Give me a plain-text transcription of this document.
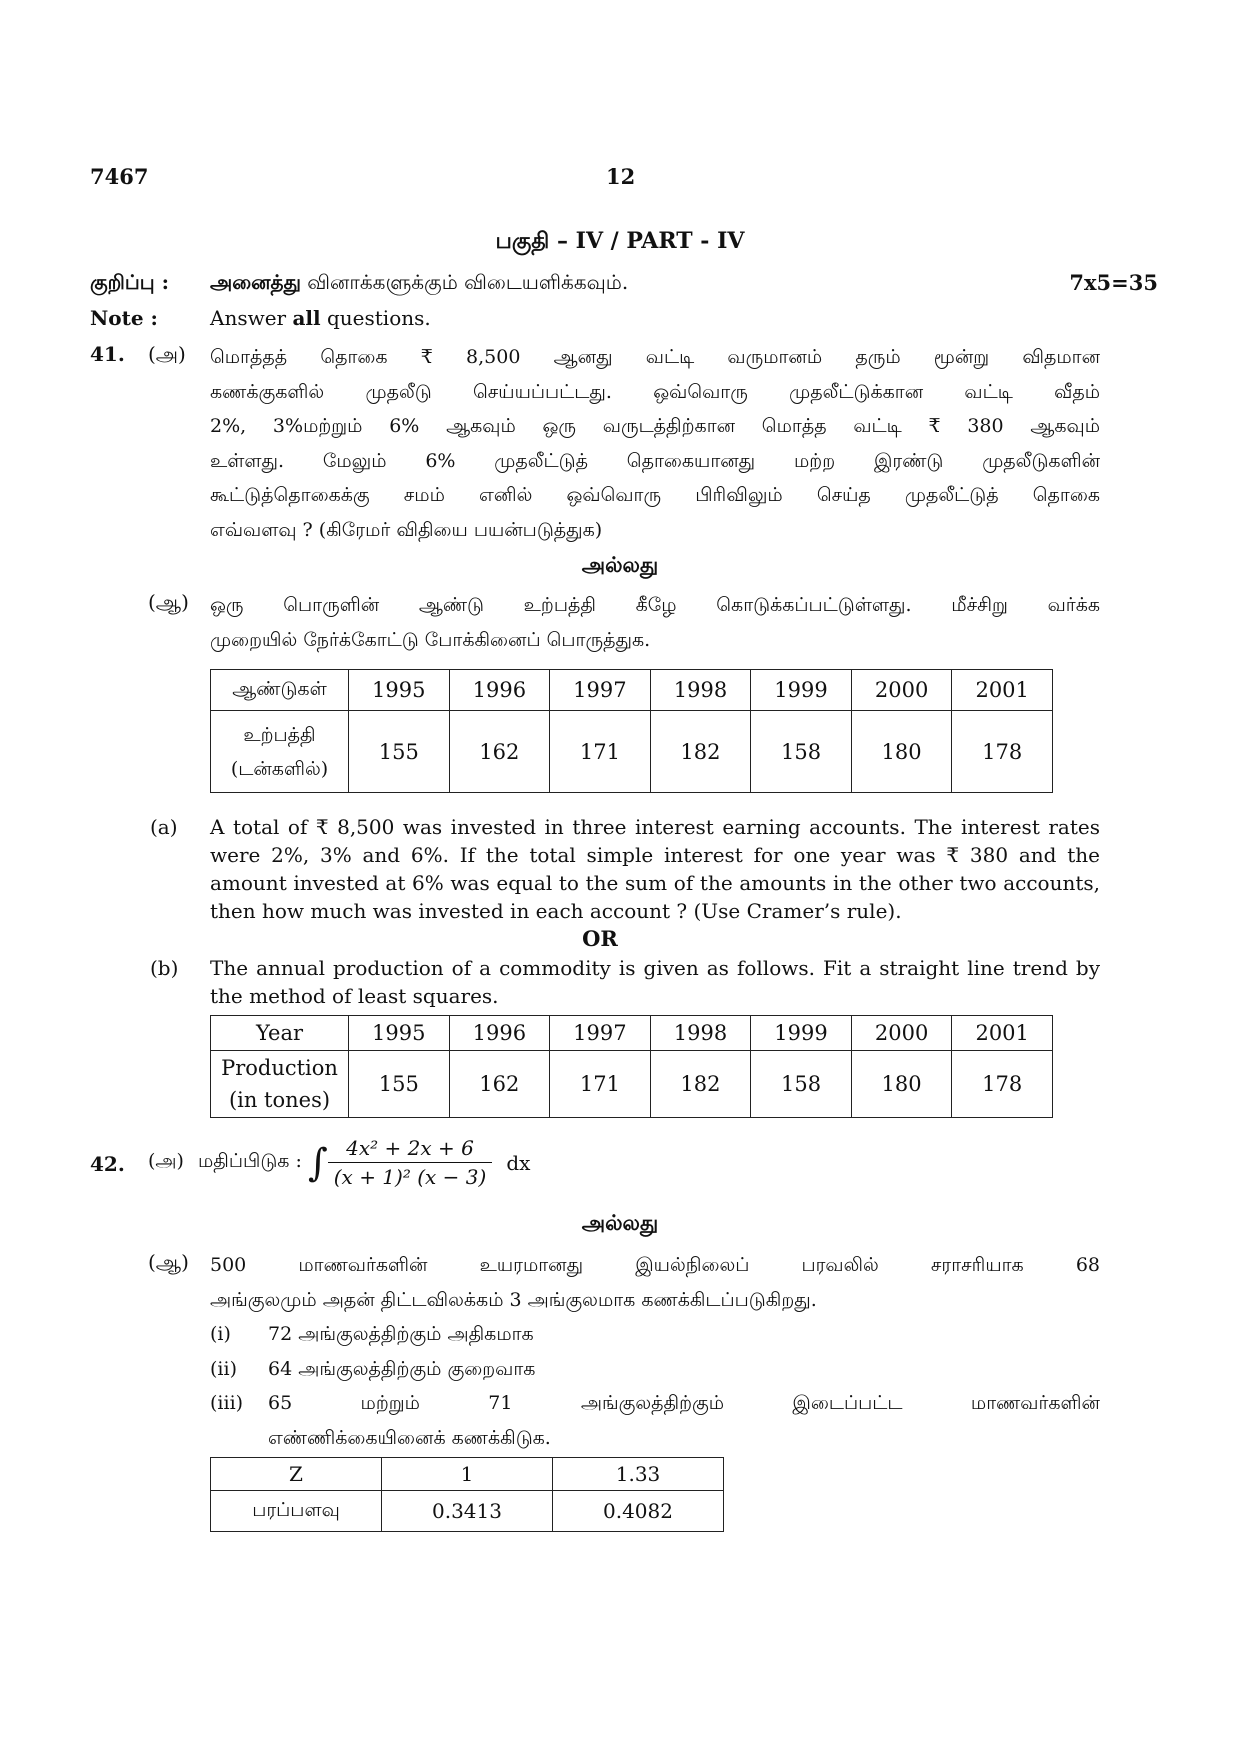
7467	12
பகுதி – IV / PART - IV
குறிப்பு : அனைத்து வினாக்களுக்கும் விடையளிக்கவும்.	7x5=35
Note :	Answer all questions.
41. (அ) மொத்தத் தொகை ₹ 8,500 ஆனது வட்டி வருமானம் தரும் மூன்று விதமான
கணக்குகளில் முதலீடு செய்யப்பட்டது. ஒவ்வொரு முதலீட்டுக்கான வட்டி வீதம்
2%, 3%மற்றும் 6% ஆகவும் ஒரு வருடத்திற்கான மொத்த வட்டி ₹ 380 ஆகவும்
உள்ளது. மேலும் 6% முதலீட்டுத் தொகையானது மற்ற இரண்டு முதலீடுகளின்
கூட்டுத்தொகைக்கு சமம் எனில் ஒவ்வொரு பிரிவிலும் செய்த முதலீட்டுத் தொகை
எவ்வளவு ? (கிரேமர் விதியை பயன்படுத்துக)
அல்லது
(ஆ) ஒரு பொருளின் ஆண்டு உற்பத்தி கீழே கொடுக்கப்பட்டுள்ளது. மீச்சிறு வர்க்க
முறையில் நேர்க்கோட்டு போக்கினைப் பொருத்துக.
ஆண்டுகள்	1995	1996	1997	1998	1999	2000	2001

உற்பத்தி
(டன்களில்)	155	162	171	182	158	180	178
(a) A total of ₹ 8,500 was invested in three interest earning accounts. The interest rates
were 2%, 3% and 6%. If the total simple interest for one year was ₹ 380 and the
amount invested at 6% was equal to the sum of the amounts in the other two accounts,
then how much was invested in each account ? (Use Cramer’s rule).
OR
(b) The annual production of a commodity is given as follows. Fit a straight line trend by
the method of least squares.
Year	1995	1996	1997	1998	1999	2000	2001

Production
(in tones)	155	162	171	182	158	180	178
42. (அ) மதிப்பிடுக : ∫ $\frac{\text{4x² + 2x + 6}}{\text{(x + 1)² (x − 3)}}$ dx
அல்லது
(ஆ) 500 மாணவர்களின் உயரமானது இயல்நிலைப் பரவலில் சராசரியாக 68
அங்குலமும் அதன் திட்டவிலக்கம் 3 அங்குலமாக கணக்கிடப்படுகிறது.
(i) 72 அங்குலத்திற்கும் அதிகமாக
(ii) 64 அங்குலத்திற்கும் குறைவாக
(iii) 65 மற்றும் 71 அங்குலத்திற்கும் இடைப்பட்ட மாணவர்களின்
எண்ணிக்கையினைக் கணக்கிடுக.
Z	1	1.33
பரப்பளவு	0.3413	0.4082
